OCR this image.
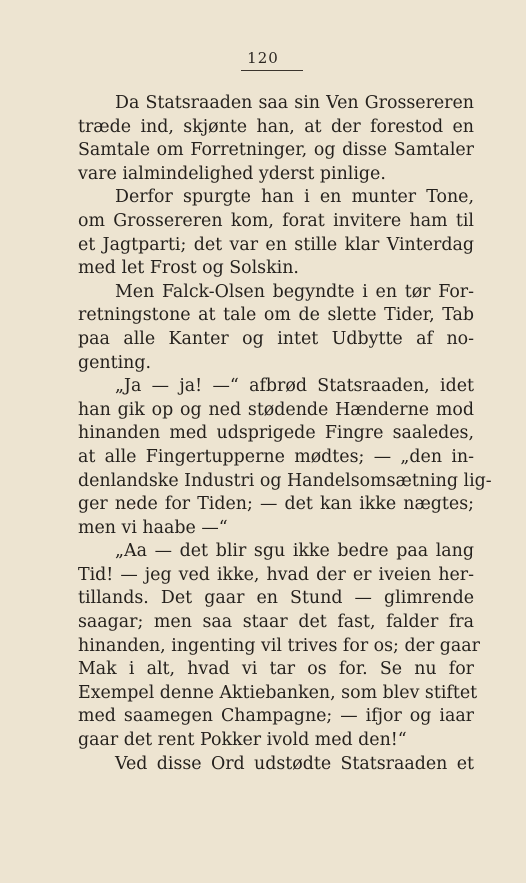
120
Da Statsraaden saa sin Ven Grossereren
træde ind, skjønte han, at der forestod en
Samtale om Forretninger, og disse Samtaler
vare ialmindelighed yderst pinlige.
Derfor spurgte han i en munter Tone,
om Grossereren kom, forat invitere ham til
et Jagtparti; det var en stille klar Vinterdag
med let Frost og Solskin.
Men Falck-Olsen begyndte i en tør For-
retningstone at tale om de slette Tider, Tab
paa alle Kanter og intet Udbytte af no-
genting.
„Ja — ja! —“ afbrød Statsraaden, idet
han gik op og ned stødende Hænderne mod
hinanden med udsprigede Fingre saaledes,
at alle Fingertupperne mødtes; — „den in-
denlandske Industri og Handelsomsætning lig-
ger nede for Tiden; — det kan ikke nægtes;
men vi haabe —“
„Aa — det blir sgu ikke bedre paa lang
Tid! — jeg ved ikke, hvad der er iveien her-
tillands. Det gaar en Stund — glimrende
saagar; men saa staar det fast, falder fra
hinanden, ingenting vil trives for os; der gaar
Mak i alt, hvad vi tar os for. Se nu for
Exempel denne Aktiebanken, som blev stiftet
med saamegen Champagne; — ifjor og iaar
gaar det rent Pokker ivold med den!“
Ved disse Ord udstødte Statsraaden et
